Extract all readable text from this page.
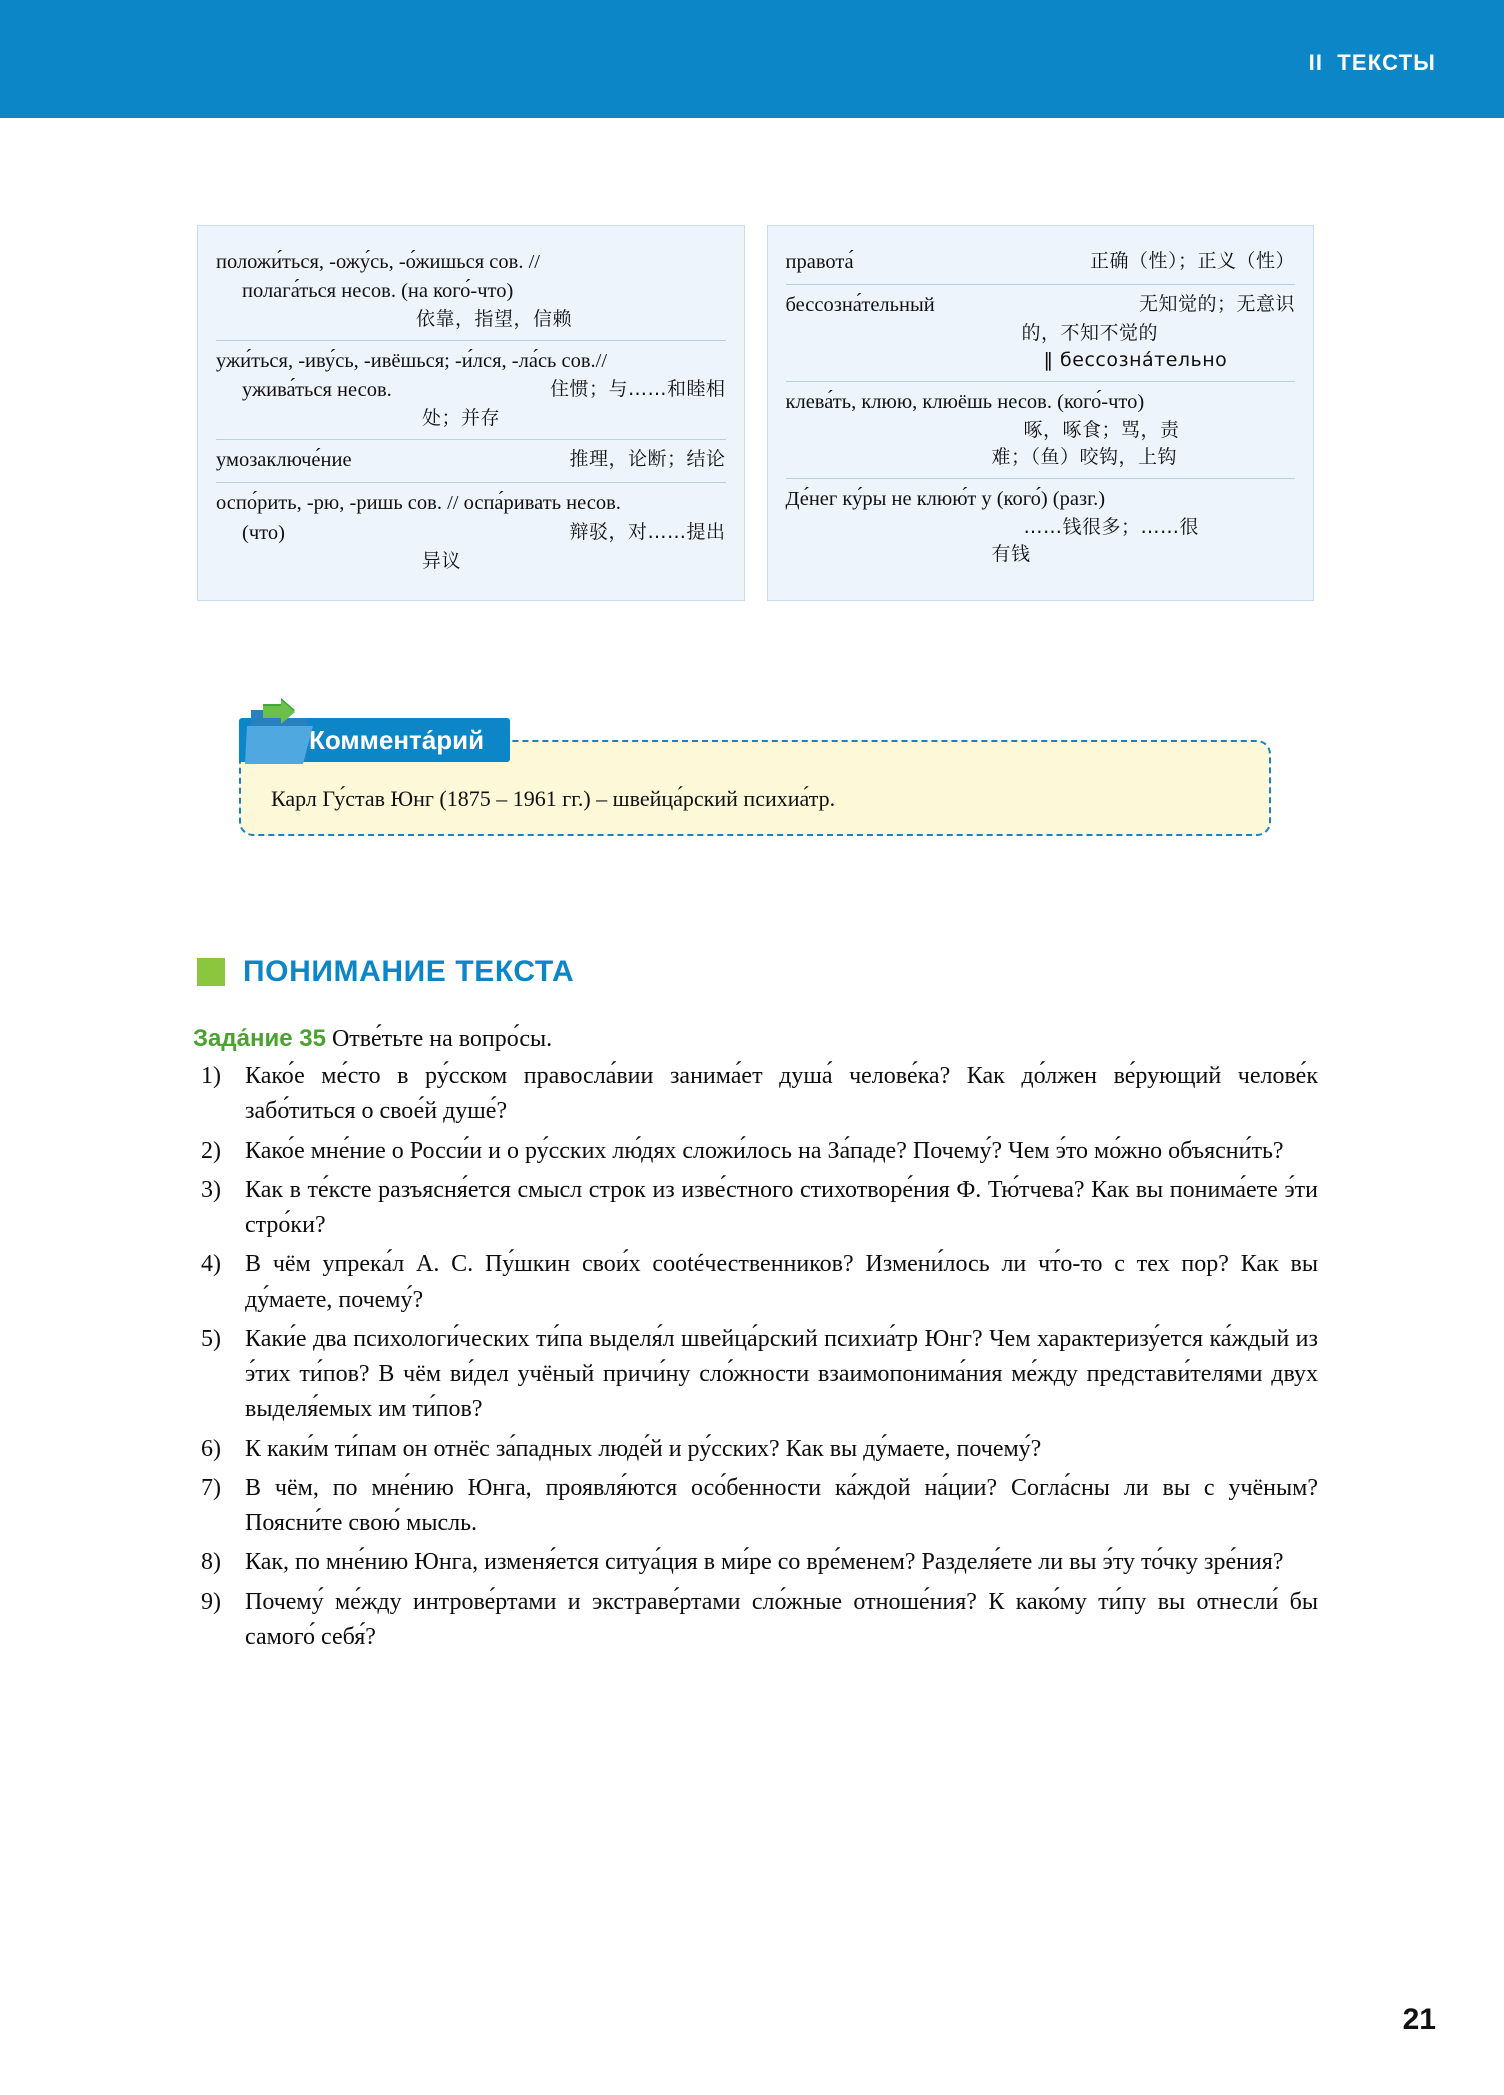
II ТЕКСТЫ
положи́ться, -ожу́сь, -о́жишься сов. //
полага́ться несов. (на кого́-что)
依靠，指望，信赖
ужи́ться, -иву́сь, -ивёшься; -и́лся, -ла́сь сов.//
ужива́ться несов.	住惯；与……和睦相
处；并存
умозаключе́ние	推理，论断；结论
оспо́рить, -рю, -ришь сов. // оспа́ривать несов.
(что)	辩驳，对……提出
异议
правота́	正确（性）；正义（性）
бессозна́тельный	无知觉的；无意识
的，不知不觉的
‖ бессозна́тельно
клева́ть, клюю, клюёшь несов. (кого́-что)
啄，啄食；骂，责
难；（鱼）咬钩，上钩
Де́нег ку́ры не клюю́т у (кого́) (разг.)
……钱很多；……很
有钱
Коммента́рий
Карл Гу́став Юнг (1875 – 1961 гг.) – швейца́рский психиа́тр.
ПОНИМАНИЕ ТЕКСТА
Зада́ние 35 Отве́тьте на вопро́сы.
1) Како́е ме́сто в ру́сском правосла́вии занима́ет душа́ челове́ка? Как до́лжен ве́рующий челове́к забо́титься о свое́й душе́?
2) Како́е мне́ние о Росси́и и о ру́сских лю́дях сложи́лось на За́паде? Почему́? Чем э́то мо́жно объясни́ть?
3) Как в те́ксте разъясня́ется смысл строк из изве́стного стихотворе́ния Ф. Тю́тчева? Как вы понима́ете э́ти стро́ки?
4) В чём упрека́л А. С. Пу́шкин свои́х соotéчественников? Измени́лось ли чт́о-то с тех пор? Как вы ду́маете, почему́?
5) Каки́е два психологи́ческих ти́па выделя́л швейца́рский психиа́тр Юнг? Чем характеризу́ется ка́ждый из э́тих ти́пов? В чём ви́дел учёный причи́ну сло́жности взаимопонима́ния ме́жду представи́телями двух выделя́емых им ти́пов?
6) К каки́м ти́пам он отнёс за́падных люде́й и ру́сских? Как вы ду́маете, почему́?
7) В чём, по мне́нию Юнга, проявля́ются осо́бенности ка́ждой на́ции? Согла́сны ли вы с учёным? Поясни́те свою́ мысль.
8) Как, по мне́нию Юнга, изменя́ется ситуа́ция в ми́ре со вре́менем? Разделя́ете ли вы э́ту то́чку зре́ния?
9) Почему́ ме́жду интрове́ртами и экстраве́ртами сло́жные отноше́ния? К како́му ти́пу вы отнесли́ бы самого́ себя́?
21
